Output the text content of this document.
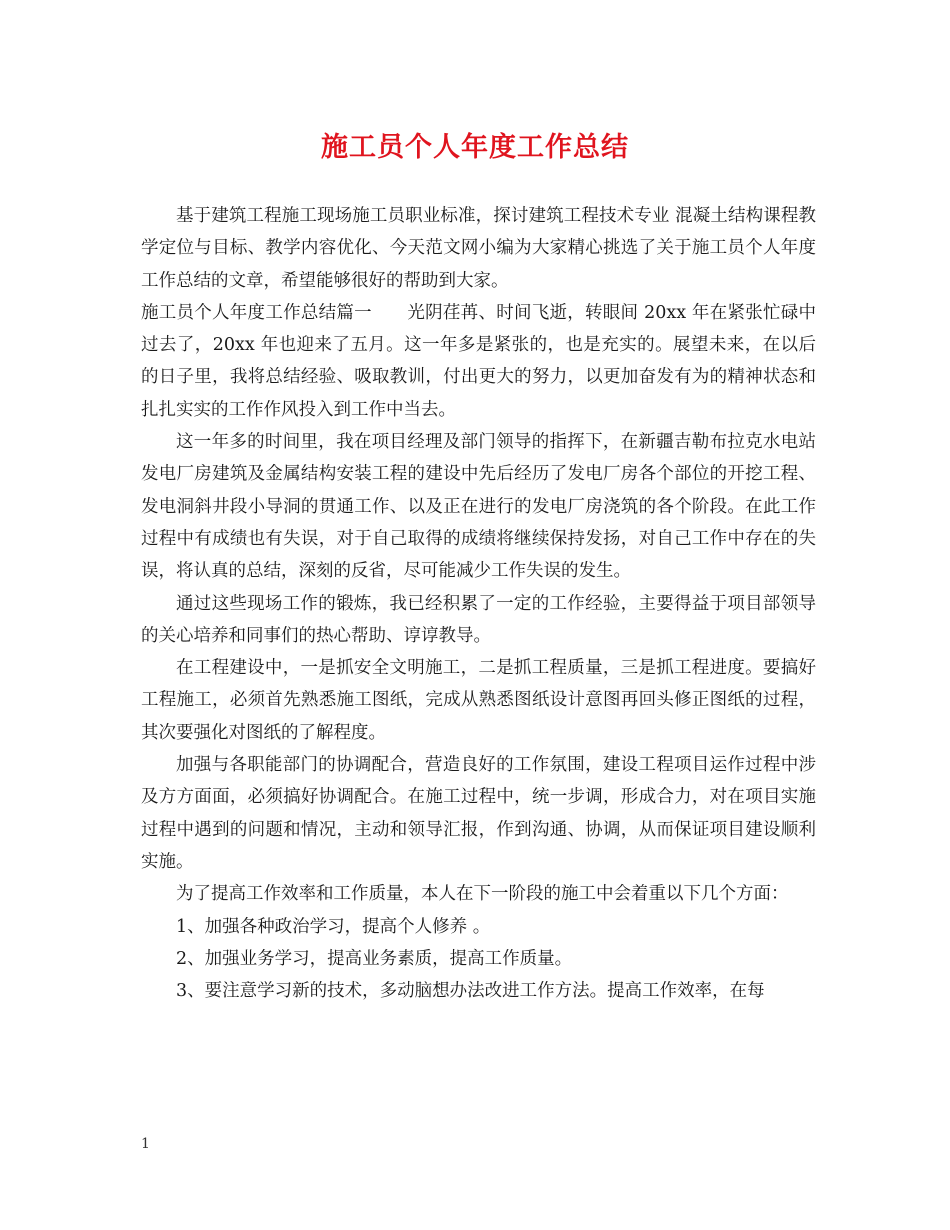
施工员个人年度工作总结

基于建筑工程施工现场施工员职业标准，探讨建筑工程技术专业 混凝土结构课程教学定位与目标、教学内容优化、今天范文网小编为大家精心挑选了关于施工员个人年度工作总结的文章，希望能够很好的帮助到大家。

施工员个人年度工作总结篇一　　光阴荏苒、时间飞逝，转眼间 20xx 年在紧张忙碌中过去了，20xx 年也迎来了五月。这一年多是紧张的，也是充实的。展望未来，在以后的日子里，我将总结经验、吸取教训，付出更大的努力，以更加奋发有为的精神状态和扎扎实实的工作作风投入到工作中当去。

这一年多的时间里，我在项目经理及部门领导的指挥下，在新疆吉勒布拉克水电站发电厂房建筑及金属结构安装工程的建设中先后经历了发电厂房各个部位的开挖工程、发电洞斜井段小导洞的贯通工作、以及正在进行的发电厂房浇筑的各个阶段。在此工作过程中有成绩也有失误，对于自己取得的成绩将继续保持发扬，对自己工作中存在的失误，将认真的总结，深刻的反省，尽可能减少工作失误的发生。

通过这些现场工作的锻炼，我已经积累了一定的工作经验，主要得益于项目部领导的关心培养和同事们的热心帮助、谆谆教导。

在工程建设中，一是抓安全文明施工，二是抓工程质量，三是抓工程进度。要搞好工程施工，必须首先熟悉施工图纸，完成从熟悉图纸设计意图再回头修正图纸的过程，其次要强化对图纸的了解程度。

加强与各职能部门的协调配合，营造良好的工作氛围，建设工程项目运作过程中涉及方方面面，必须搞好协调配合。在施工过程中，统一步调，形成合力，对在项目实施过程中遇到的问题和情况，主动和领导汇报，作到沟通、协调，从而保证项目建设顺利实施。

为了提高工作效率和工作质量，本人在下一阶段的施工中会着重以下几个方面：

1、加强各种政治学习，提高个人修养 。

2、加强业务学习，提高业务素质，提高工作质量。

3、要注意学习新的技术，多动脑想办法改进工作方法。提高工作效率，在每

1
